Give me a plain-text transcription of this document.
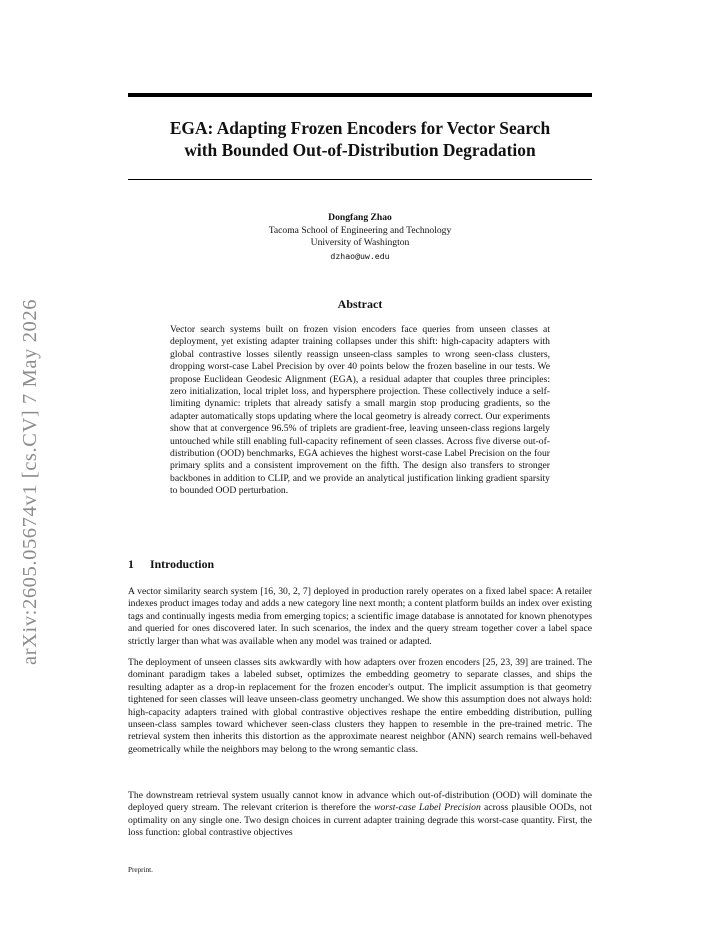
arXiv:2605.05674v1 [cs.CV] 7 May 2026
EGA: Adapting Frozen Encoders for Vector Search
with Bounded Out-of-Distribution Degradation
Dongfang Zhao
Tacoma School of Engineering and Technology
University of Washington
dzhao@uw.edu
Abstract

Vector search systems built on frozen vision encoders face queries from unseen classes at deployment, yet existing adapter training collapses under this shift: high-capacity adapters with global contrastive losses silently reassign unseen-class samples to wrong seen-class clusters, dropping worst-case Label Precision by over 40 points below the frozen baseline in our tests. We propose Euclidean Geodesic Alignment (EGA), a residual adapter that couples three principles: zero initialization, local triplet loss, and hypersphere projection. These collectively induce a self-limiting dynamic: triplets that already satisfy a small margin stop producing gradients, so the adapter automatically stops updating where the local geometry is already correct. Our experiments show that at convergence 96.5% of triplets are gradient-free, leaving unseen-class regions largely untouched while still enabling full-capacity refinement of seen classes. Across five diverse out-of-distribution (OOD) benchmarks, EGA achieves the highest worst-case Label Precision on the four primary splits and a consistent improvement on the fifth. The design also transfers to stronger backbones in addition to CLIP, and we provide an analytical justification linking gradient sparsity to bounded OOD perturbation.

1 Introduction

A vector similarity search system [16, 30, 2, 7] deployed in production rarely operates on a fixed label space: A retailer indexes product images today and adds a new category line next month; a content platform builds an index over existing tags and continually ingests media from emerging topics; a scientific image database is annotated for known phenotypes and queried for ones discovered later. In such scenarios, the index and the query stream together cover a label space strictly larger than what was available when any model was trained or adapted.

The deployment of unseen classes sits awkwardly with how adapters over frozen encoders [25, 23, 39] are trained. The dominant paradigm takes a labeled subset, optimizes the embedding geometry to separate classes, and ships the resulting adapter as a drop-in replacement for the frozen encoder's output. The implicit assumption is that geometry tightened for seen classes will leave unseen-class geometry unchanged. We show this assumption does not always hold: high-capacity adapters trained with global contrastive objectives reshape the entire embedding distribution, pulling unseen-class samples toward whichever seen-class clusters they happen to resemble in the pre-trained metric. The retrieval system then inherits this distortion as the approximate nearest neighbor (ANN) search remains well-behaved geometrically while the neighbors may belong to the wrong semantic class.

The downstream retrieval system usually cannot know in advance which out-of-distribution (OOD) will dominate the deployed query stream. The relevant criterion is therefore the worst-case Label Precision across plausible OODs, not optimality on any single one. Two design choices in current adapter training degrade this worst-case quantity. First, the loss function: global contrastive objectives

Preprint.
